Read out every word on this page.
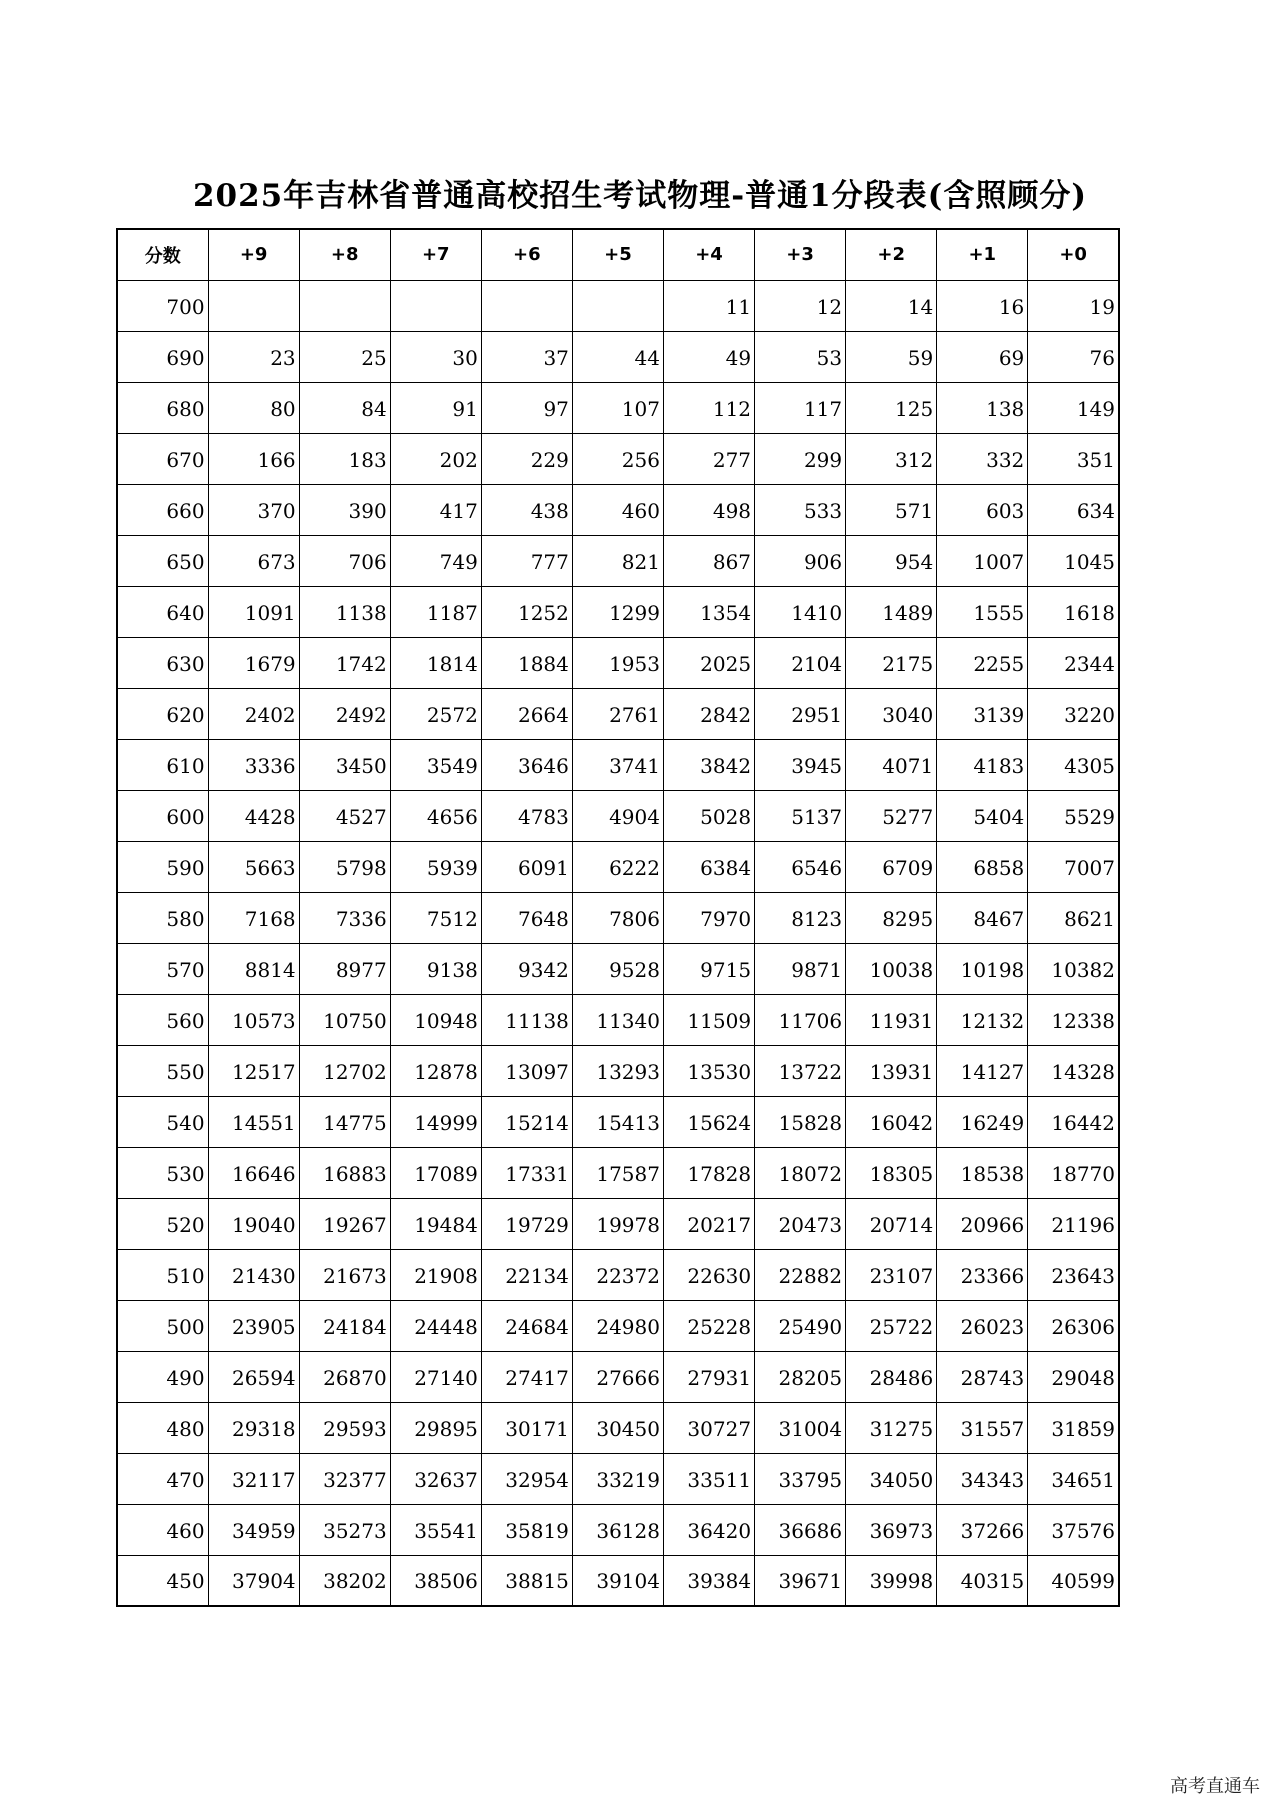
2025年吉林省普通高校招生考试物理-普通1分段表(含照顾分)
分数	+9	+8	+7	+6	+5	+4	+3	+2	+1	+0
700						11	12	14	16	19
690	23	25	30	37	44	49	53	59	69	76
680	80	84	91	97	107	112	117	125	138	149
670	166	183	202	229	256	277	299	312	332	351
660	370	390	417	438	460	498	533	571	603	634
650	673	706	749	777	821	867	906	954	1007	1045
640	1091	1138	1187	1252	1299	1354	1410	1489	1555	1618
630	1679	1742	1814	1884	1953	2025	2104	2175	2255	2344
620	2402	2492	2572	2664	2761	2842	2951	3040	3139	3220
610	3336	3450	3549	3646	3741	3842	3945	4071	4183	4305
600	4428	4527	4656	4783	4904	5028	5137	5277	5404	5529
590	5663	5798	5939	6091	6222	6384	6546	6709	6858	7007
580	7168	7336	7512	7648	7806	7970	8123	8295	8467	8621
570	8814	8977	9138	9342	9528	9715	9871	10038	10198	10382
560	10573	10750	10948	11138	11340	11509	11706	11931	12132	12338
550	12517	12702	12878	13097	13293	13530	13722	13931	14127	14328
540	14551	14775	14999	15214	15413	15624	15828	16042	16249	16442
530	16646	16883	17089	17331	17587	17828	18072	18305	18538	18770
520	19040	19267	19484	19729	19978	20217	20473	20714	20966	21196
510	21430	21673	21908	22134	22372	22630	22882	23107	23366	23643
500	23905	24184	24448	24684	24980	25228	25490	25722	26023	26306
490	26594	26870	27140	27417	27666	27931	28205	28486	28743	29048
480	29318	29593	29895	30171	30450	30727	31004	31275	31557	31859
470	32117	32377	32637	32954	33219	33511	33795	34050	34343	34651
460	34959	35273	35541	35819	36128	36420	36686	36973	37266	37576
450	37904	38202	38506	38815	39104	39384	39671	39998	40315	40599
高考直通车
